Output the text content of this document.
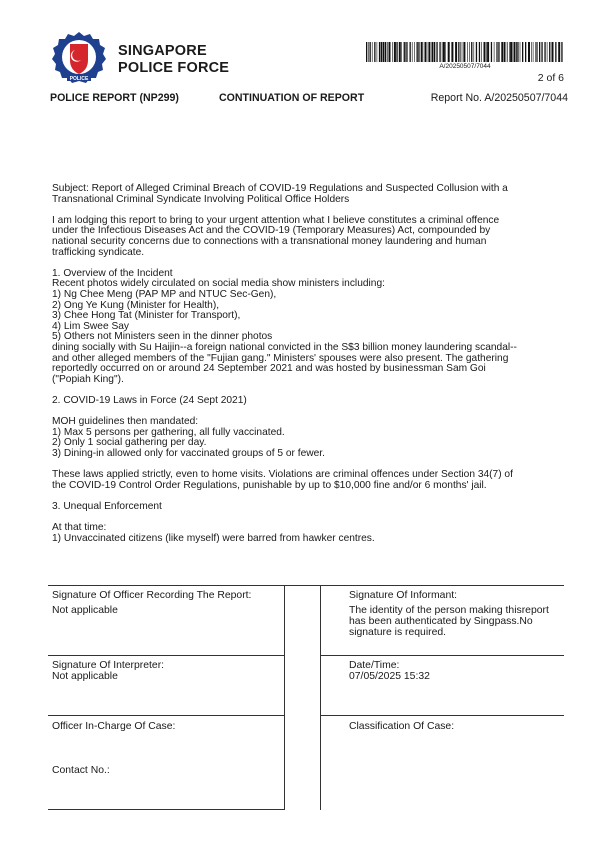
POLICE
SINGAPORE
POLICE FORCE	A/20250507/7044
2 of 6
POLICE REPORT (NP299)	CONTINUATION OF REPORT	Report No. A/20250507/7044

Subject: Report of Alleged Criminal Breach of COVID-19 Regulations and Suspected Collusion with a
Transnational Criminal Syndicate Involving Political Office Holders

I am lodging this report to bring to your urgent attention what I believe constitutes a criminal offence
under the Infectious Diseases Act and the COVID-19 (Temporary Measures) Act, compounded by
national security concerns due to connections with a transnational money laundering and human
trafficking syndicate.

1. Overview of the Incident
Recent photos widely circulated on social media show ministers including:
1) Ng Chee Meng (PAP MP and NTUC Sec-Gen),
2) Ong Ye Kung (Minister for Health),
3) Chee Hong Tat (Minister for Transport),
4) Lim Swee Say
5) Others not Ministers seen in the dinner photos
dining socially with Su Haijin--a foreign national convicted in the S$3 billion money laundering scandal--
and other alleged members of the "Fujian gang." Ministers' spouses were also present. The gathering
reportedly occurred on or around 24 September 2021 and was hosted by businessman Sam Goi
("Popiah King").

2. COVID-19 Laws in Force (24 Sept 2021)

MOH guidelines then mandated:
1) Max 5 persons per gathering, all fully vaccinated.
2) Only 1 social gathering per day.
3) Dining-in allowed only for vaccinated groups of 5 or fewer.

These laws applied strictly, even to home visits. Violations are criminal offences under Section 34(7) of
the COVID-19 Control Order Regulations, punishable by up to $10,000 fine and/or 6 months' jail.

3. Unequal Enforcement

At that time:
1) Unvaccinated citizens (like myself) were barred from hawker centres.

Signature Of Officer Recording The Report:
Not applicable
Signature Of Informant:
The identity of the person making thisreport has been authenticated by Singpass.No signature is required.
Signature Of Interpreter:
Not applicable
Date/Time:
07/05/2025 15:32
Officer In-Charge Of Case:	Classification Of Case:
Contact No.:
